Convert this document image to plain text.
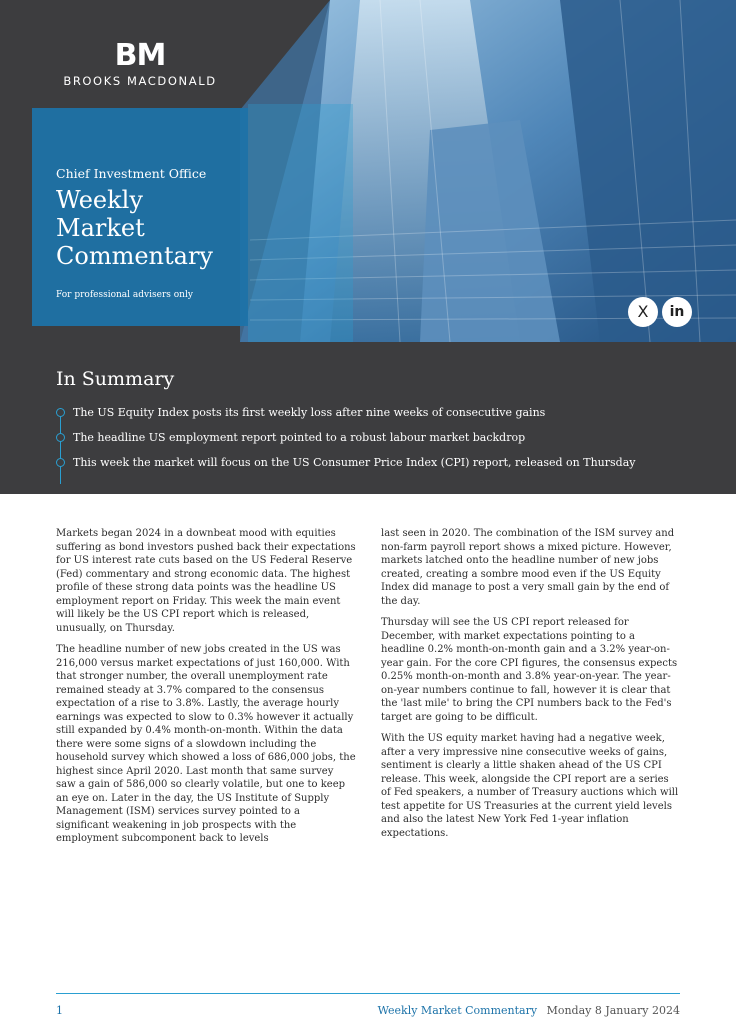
BM
BROOKS MACDONALD
Chief Investment Office
Weekly
Market
Commentary
For professional advisers only
X	in
In Summary
The US Equity Index posts its first weekly loss after nine weeks of consecutive gains
The headline US employment report pointed to a robust labour market backdrop
This week the market will focus on the US Consumer Price Index (CPI) report, released on Thursday

Markets began 2024 in a downbeat mood with equities suffering as bond investors pushed back their expectations for US interest rate cuts based on the US Federal Reserve (Fed) commentary and strong economic data. The highest profile of these strong data points was the headline US employment report on Friday. This week the main event will likely be the US CPI report which is released, unusually, on Thursday.

The headline number of new jobs created in the US was 216,000 versus market expectations of just 160,000. With that stronger number, the overall unemployment rate remained steady at 3.7% compared to the consensus expectation of a rise to 3.8%. Lastly, the average hourly earnings was expected to slow to 0.3% however it actually still expanded by 0.4% month-on-month. Within the data there were some signs of a slowdown including the household survey which showed a loss of 686,000 jobs, the highest since April 2020. Last month that same survey saw a gain of 586,000 so clearly volatile, but one to keep an eye on. Later in the day, the US Institute of Supply Management (ISM) services survey pointed to a significant weakening in job prospects with the employment subcomponent back to levels

last seen in 2020. The combination of the ISM survey and non-farm payroll report shows a mixed picture. However, markets latched onto the headline number of new jobs created, creating a sombre mood even if the US Equity Index did manage to post a very small gain by the end of the day.

Thursday will see the US CPI report released for December, with market expectations pointing to a headline 0.2% month-on-month gain and a 3.2% year-on-year gain. For the core CPI figures, the consensus expects 0.25% month-on-month and 3.8% year-on-year. The year-on-year numbers continue to fall, however it is clear that the 'last mile' to bring the CPI numbers back to the Fed's target are going to be difficult.

With the US equity market having had a negative week, after a very impressive nine consecutive weeks of gains, sentiment is clearly a little shaken ahead of the US CPI release. This week, alongside the CPI report are a series of Fed speakers, a number of Treasury auctions which will test appetite for US Treasuries at the current yield levels and also the latest New York Fed 1-year inflation expectations.

1	Weekly Market Commentary Monday 8 January 2024
